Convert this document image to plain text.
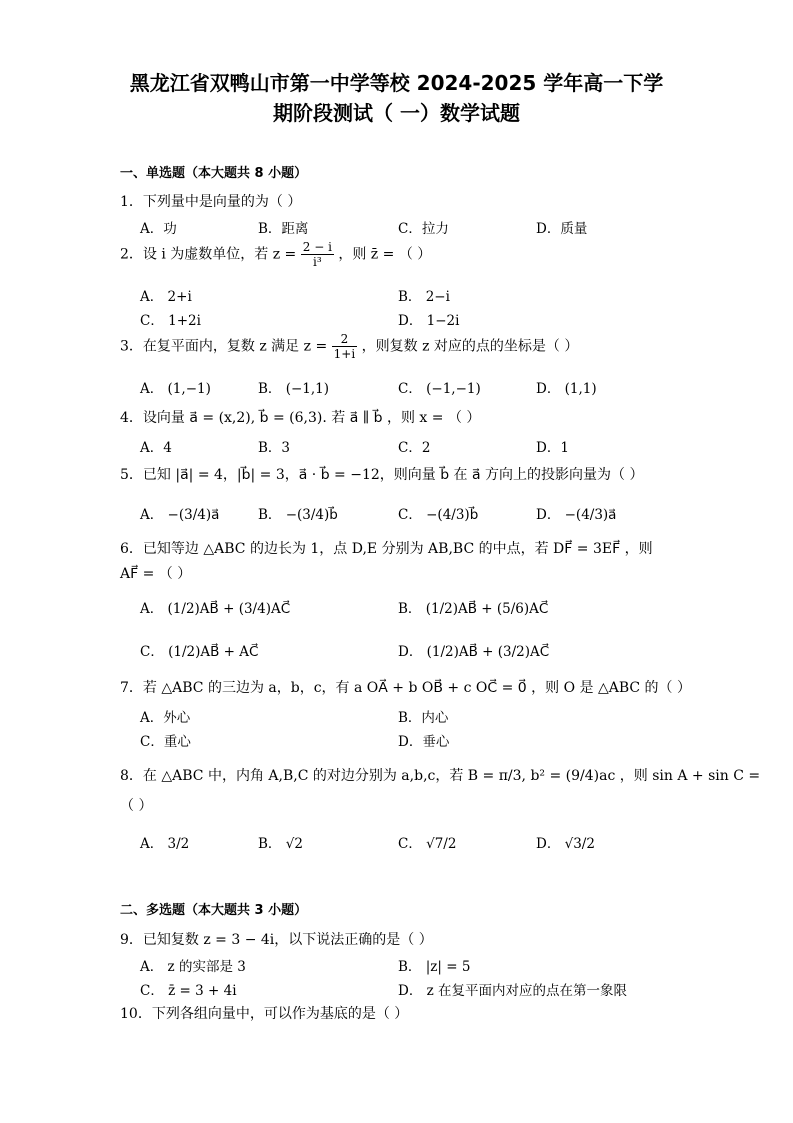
黑龙江省双鸭山市第一中学等校 2024-2025 学年高一下学
期阶段测试（ 一）数学试题
一、单选题（本大题共 8 小题）
1．下列量中是向量的为（ ）
A．功	B．距离	C．拉力	D．质量
2．设 i 为虚数单位，若 $z = \frac{2 - i}{\text{i³}}$ ，则 z̄ = （ ）
A． 2+i	B． 2−i
C． 1+2i	D． 1−2i
3．在复平面内，复数 z 满足 $z = \frac{2}{1+i}$ ，则复数 z 对应的点的坐标是（ ）
A． (1,−1)	B． (−1,1)	C． (−1,−1)	D． (1,1)
4．设向量 a⃗ = (x,2), b⃗ = (6,3). 若 a⃗ ∥ b⃗ ，则 x = （ ）
A．4	B．3	C．2	D．1
5．已知 |a⃗| = 4，|b⃗| = 3，a⃗ · b⃗ = −12，则向量 b⃗ 在 a⃗ 方向上的投影向量为（ ）
A． −(3/4)a⃗	B． −(3/4)b⃗	C． −(4/3)b⃗	D． −(4/3)a⃗
6．已知等边 △ABC 的边长为 1，点 D,E 分别为 AB,BC 的中点，若 DF⃗ = 3EF⃗ ，则
AF⃗ = （ ）
A． (1/2)AB⃗ + (3/4)AC⃗	B． (1/2)AB⃗ + (5/6)AC⃗
C． (1/2)AB⃗ + AC⃗	D． (1/2)AB⃗ + (3/2)AC⃗
7．若 △ABC 的三边为 a，b，c，有 a OA⃗ + b OB⃗ + c OC⃗ = 0⃗ ，则 O 是 △ABC 的（ ）
A．外心	B．内心
C．重心	D．垂心
8．在 △ABC 中，内角 A,B,C 的对边分别为 a,b,c，若 B = π/3, b² = (9/4)ac ，则 sin A + sin C =
（ ）
A． 3/2	B． √2	C． √7/2	D． √3/2
二、多选题（本大题共 3 小题）
9．已知复数 z = 3 − 4i，以下说法正确的是（ ）
A． z 的实部是 3	B． |z| = 5
C． z̄ = 3 + 4i	D． z 在复平面内对应的点在第一象限
10．下列各组向量中，可以作为基底的是（ ）
